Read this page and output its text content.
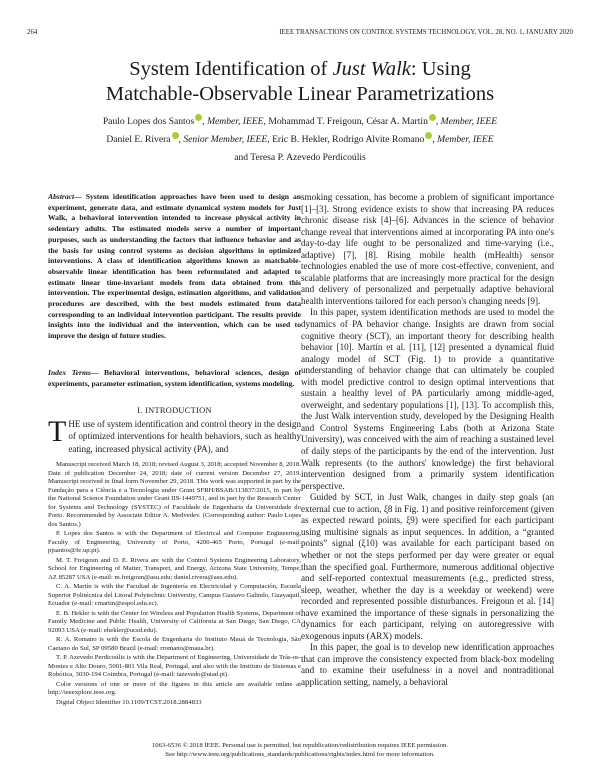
264	IEEE TRANSACTIONS ON CONTROL SYSTEMS TECHNOLOGY, VOL. 28, NO. 1, JANUARY 2020
System Identification of Just Walk: Using
Matchable-Observable Linear Parametrizations
Paulo Lopes dos Santos , Member, IEEE, Mohammad T. Freigoun, César A. Martín , Member, IEEE
Daniel E. Rivera , Senior Member, IEEE, Eric B. Hekler, Rodrigo Alvite Romano , Member, IEEE
and Teresa P. Azevedo Perdicoúlis
Abstract— System identification approaches have been used to design an experiment, generate data, and estimate dynamical system models for Just Walk, a behavioral intervention intended to increase physical activity in sedentary adults. The estimated models serve a number of important purposes, such as understanding the factors that influence behavior and as the basis for using control systems as decision algorithms in optimized interventions. A class of identification algorithms known as matchable-observable linear identification has been reformulated and adapted to estimate linear time-invariant models from data obtained from this intervention. The experimental design, estimation algorithms, and validation procedures are described, with the best models estimated from data corresponding to an individual intervention participant. The results provide insights into the individual and the intervention, which can be used to improve the design of future studies.
Index Terms— Behavioral interventions, behavioral sciences, design of experiments, parameter estimation, system identification, systems modeling.
I. INTRODUCTION
THE use of system identification and control theory in the design of optimized interventions for health behaviors, such as healthy eating, increased physical activity (PA), and

Manuscript received March 18, 2018; revised August 3, 2018; accepted November 8, 2018. Date of publication December 24, 2018; date of current version December 27, 2019. Manuscript received in final form November 29, 2018. This work was supported in part by the Fundação para a Ciência e a Tecnologia under Grant SFRH/BSAB/113837/2015, in part by the National Science Foundation under Grant IIS-1449751, and in part by the Research Center for Systems and Technology (SYSTEC) of Faculdade de Engenharia da Universidade do Porto. Recommended by Associate Editor A. Medvedev. (Corresponding author: Paulo Lopes dos Santos.)

P. Lopes dos Santos is with the Department of Electrical and Computer Engineering, Faculty of Engineering, University of Porto, 4200-465 Porto, Portugal (e-mail: pjsantos@fe.up.pt).

M. T. Freigoun and D. E. Rivera are with the Control Systems Engineering Laboratory, School for Engineering of Matter, Transport, and Energy, Arizona State University, Tempe, AZ 85287 USA (e-mail: m.freigoun@asu.edu; daniel.rivera@asu.edu).

C. A. Martín is with the Facultad de Ingeniería en Electricidad y Computación, Escuela Superior Politécnica del Litoral Polytechnic University, Campus Gustavo Galindo, Guayaquil, Ecuador (e-mail: cmartin@espol.edu.ec).

E. B. Hekler is with the Center for Wireless and Population Health Systems, Department of Family Medicine and Public Health, University of California at San Diego, San Diego, CA 92093 USA (e-mail: ehekler@ucsd.edu).

R. A. Romano is with the Escola de Engenharia do Instituto Mauá de Tecnologia, São Caetano do Sul, SP 09580 Brazil (e-mail: rromano@maua.br).

T. P. Azevedo Perdicoúlis is with the Department of Engineering, Universidade de Trás-os-Montes e Alto Douro, 5001-801 Vila Real, Portugal, and also with the Instituto de Sistemas e Robótica, 3030-194 Coimbra, Portugal (e-mail: tazevedo@utad.pt).

Color versions of one or more of the figures in this article are available online at http://ieeexplore.ieee.org.

Digital Object Identifier 10.1109/TCST.2018.2884833

smoking cessation, has become a problem of significant importance [1]–[3]. Strong evidence exists to show that increasing PA reduces chronic disease risk [4]–[6]. Advances in the science of behavior change reveal that interventions aimed at incorporating PA into one's day-to-day life ought to be personalized and time-varying (i.e., adaptive) [7], [8]. Rising mobile health (mHealth) sensor technologies enabled the use of more cost-effective, convenient, and scalable platforms that are increasingly more practical for the design and delivery of personalized and perpetually adaptive behavioral health interventions tailored for each person's changing needs [9].

In this paper, system identification methods are used to model the dynamics of PA behavior change. Insights are drawn from social cognitive theory (SCT), an important theory for describing health behavior [10]. Martín et al. [11], [12] presented a dynamical fluid analogy model of SCT (Fig. 1) to provide a quantitative understanding of behavior change that can ultimately be coupled with model predictive control to design optimal interventions that sustain a healthy level of PA particularly among middle-aged, overweight, and sedentary populations [1], [13]. To accomplish this, the Just Walk intervention study, developed by the Designing Health and Control Systems Engineering Labs (both at Arizona State University), was conceived with the aim of reaching a sustained level of daily steps of the participants by the end of the intervention. Just Walk represents (to the authors' knowledge) the first behavioral intervention designed from a primarily system identification perspective.

Guided by SCT, in Just Walk, changes in daily step goals (an external cue to action, ξ8 in Fig. 1) and positive reinforcement (given as expected reward points, ξ9) were specified for each participant using multisine signals as input sequences. In addition, a “granted points” signal (ξ10) was available for each participant based on whether or not the steps performed per day were greater or equal than the specified goal. Furthermore, numerous additional objective and self-reported contextual measurements (e.g., predicted stress, sleep, weather, whether the day is a weekday or weekend) were recorded and represented possible disturbances. Freigoun et al. [14] have examined the importance of these signals in personalizing the dynamics for each participant, relying on autoregressive with exogenous inputs (ARX) models.

In this paper, the goal is to develop new identification approaches that can improve the consistency expected from black-box modeling and to examine their usefulness in a novel and nontraditional application setting, namely, a behavioral

1063-6536 © 2018 IEEE. Personal use is permitted, but republication/redistribution requires IEEE permission.
See http://www.ieee.org/publications_standards/publications/rights/index.html for more information.
